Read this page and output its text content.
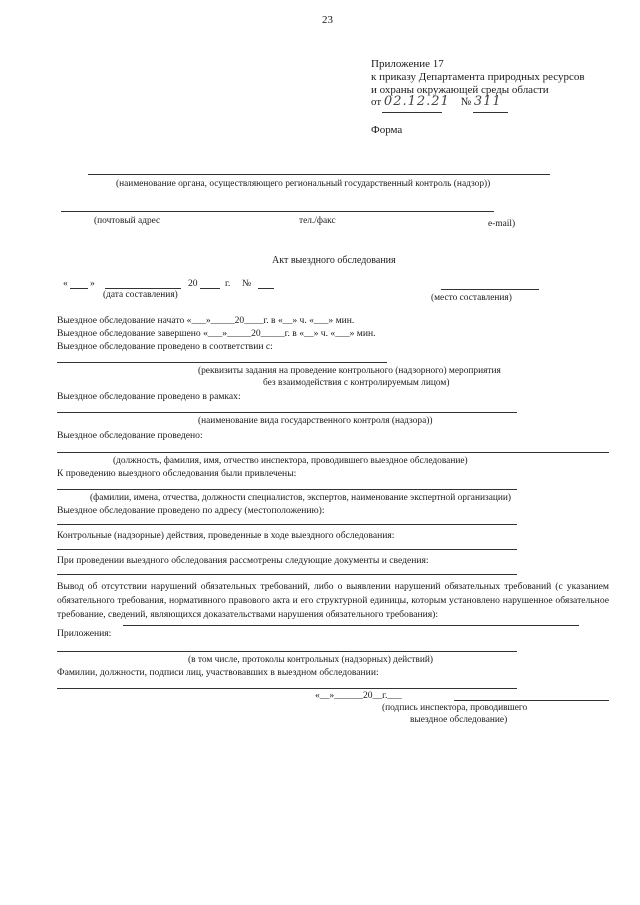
23
Приложение 17
к приказу Департамента природных ресурсов
и охраны окружающей среды области
от 02.12.21 № 311
Форма
(наименование органа, осуществляющего региональный государственный контроль (надзор))
(почтовый адрес	тел./факс	e-mail)
Акт выездного обследования
« »	20	г. №
(дата составления)	(место составления)
Выездное обследование начато «___»_____20____г. в «__» ч. «___» мин.
Выездное обследование завершено «___»_____20_____г. в «__» ч. «___» мин.
Выездное обследование проведено в соответствии с:
(реквизиты задания на проведение контрольного (надзорного) мероприятия
без взаимодействия с контролируемым лицом)
Выездное обследование проведено в рамках:
(наименование вида государственного контроля (надзора))
Выездное обследование проведено:
(должность, фамилия, имя, отчество инспектора, проводившего выездное обследование)
К проведению выездного обследования были привлечены:
(фамилии, имена, отчества, должности специалистов, экспертов, наименование экспертной организации)
Выездное обследование проведено по адресу (местоположению):
Контрольные (надзорные) действия, проведенные в ходе выездного обследования:
При проведении выездного обследования рассмотрены следующие документы и сведения:
Вывод об отсутствии нарушений обязательных требований, либо о выявлении нарушений обязательных требований (с указанием обязательного требования, нормативного правового акта и его структурной единицы, которым установлено нарушенное обязательное требование, сведений, являющихся доказательствами нарушения обязательного требования):
Приложения:
(в том числе, протоколы контрольных (надзорных) действий)
Фамилии, должности, подписи лиц, участвовавших в выездном обследовании:
«__»______20__г.___
(подпись инспектора, проводившего
выездное обследование)
